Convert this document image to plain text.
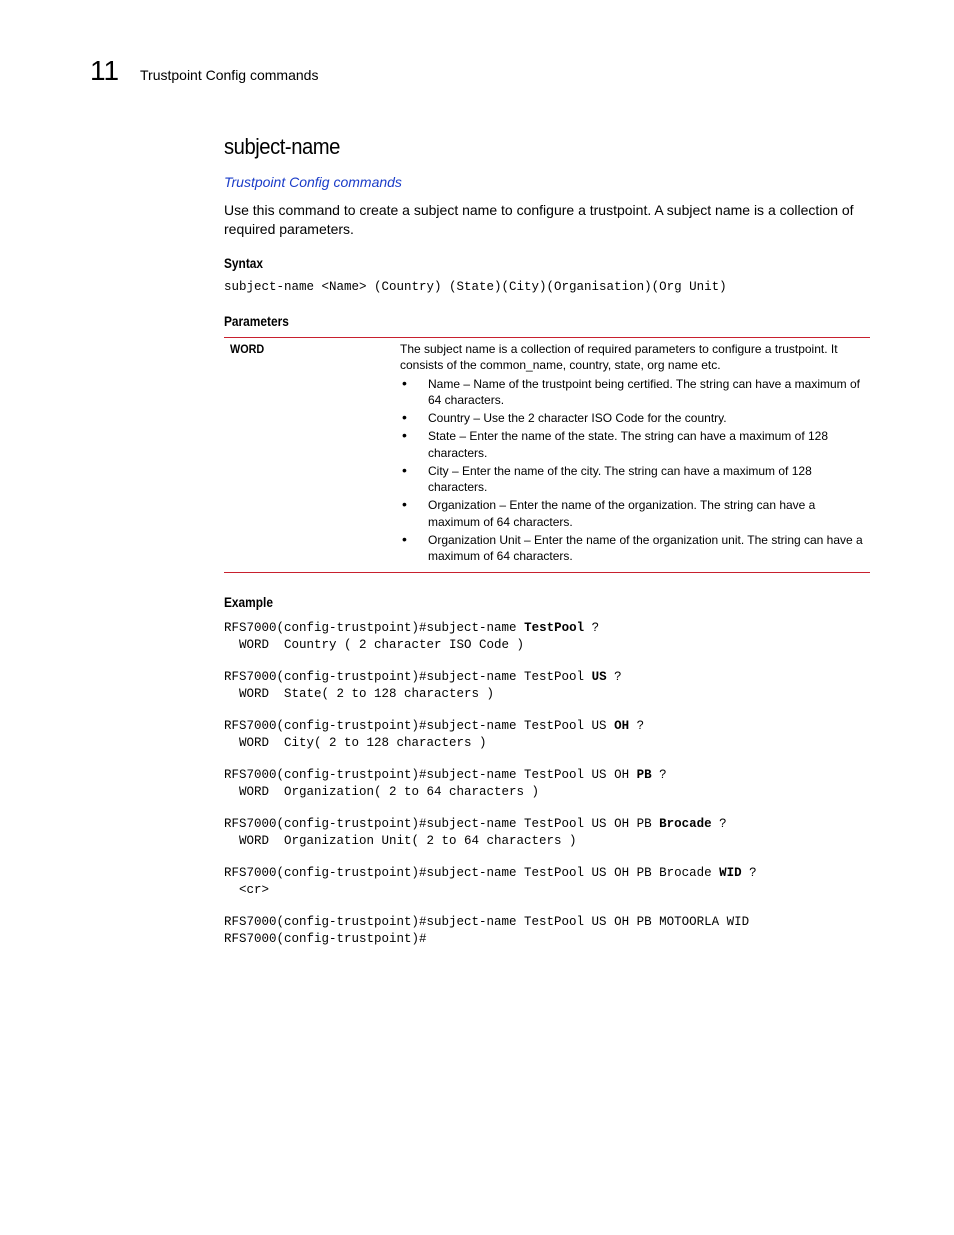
11 Trustpoint Config commands
subject-name
Trustpoint Config commands
Use this command to create a subject name to configure a trustpoint. A subject name is a collection of required parameters.
Syntax
subject-name <Name> (Country) (State)(City)(Organisation)(Org Unit)
Parameters
WORD	The subject name is a collection of required parameters to configure a trustpoint. It consists of the common_name, country, state, org name etc.
• Name – Name of the trustpoint being certified. The string can have a maximum of 64 characters.
• Country – Use the 2 character ISO Code for the country.
• State – Enter the name of the state. The string can have a maximum of 128 characters.
• City – Enter the name of the city. The string can have a maximum of 128 characters.
• Organization – Enter the name of the organization. The string can have a maximum of 64 characters.
• Organization Unit – Enter the name of the organization unit. The string can have a maximum of 64 characters.
Example
RFS7000(config-trustpoint)#subject-name TestPool ?
WORD  Country ( 2 character ISO Code )
RFS7000(config-trustpoint)#subject-name TestPool US ?
WORD  State( 2 to 128 characters )
RFS7000(config-trustpoint)#subject-name TestPool US OH ?
WORD  City( 2 to 128 characters )
RFS7000(config-trustpoint)#subject-name TestPool US OH PB ?
WORD  Organization( 2 to 64 characters )
RFS7000(config-trustpoint)#subject-name TestPool US OH PB Brocade ?
WORD  Organization Unit( 2 to 64 characters )
RFS7000(config-trustpoint)#subject-name TestPool US OH PB Brocade WID ?
<cr>
RFS7000(config-trustpoint)#subject-name TestPool US OH PB MOTOORLA WID
RFS7000(config-trustpoint)#
